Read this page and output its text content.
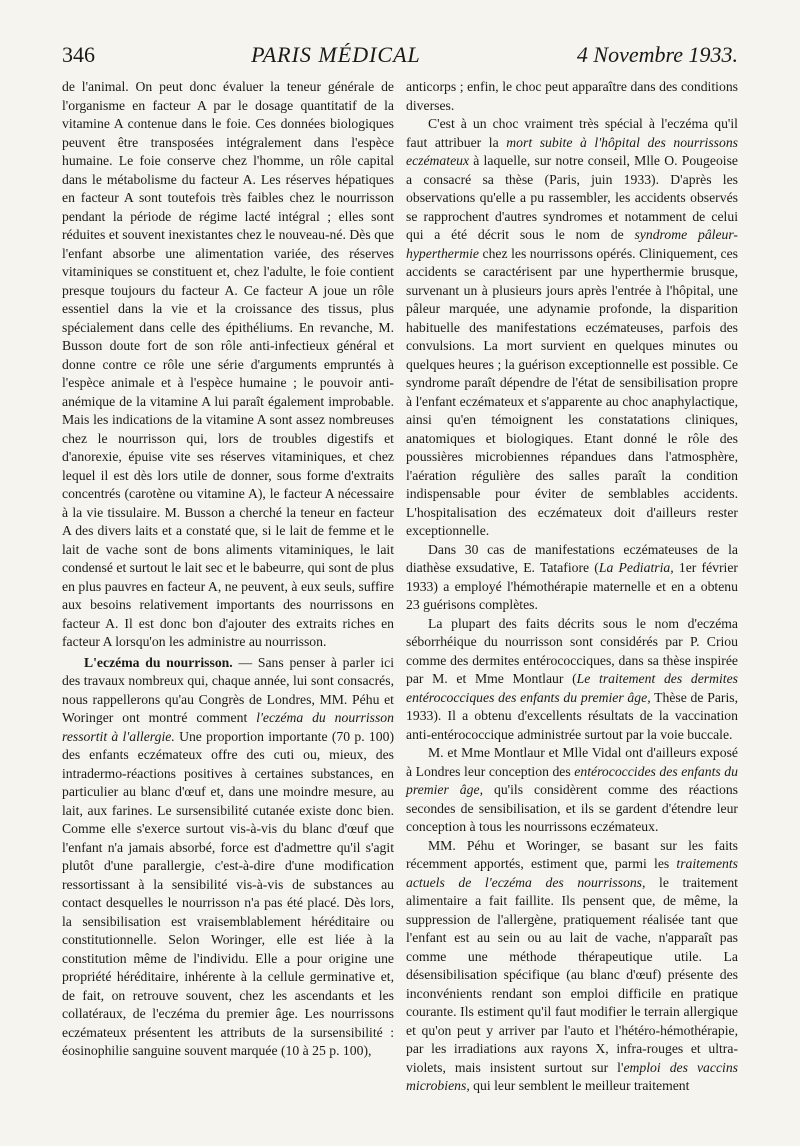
346	PARIS MÉDICAL	4 Novembre 1933.

de l'animal. On peut donc évaluer la teneur générale de l'organisme en facteur A par le dosage quantitatif de la vitamine A contenue dans le foie. Ces données biologiques peuvent être transposées intégralement dans l'espèce humaine. Le foie conserve chez l'homme, un rôle capital dans le métabolisme du facteur A. Les réserves hépatiques en facteur A sont toutefois très faibles chez le nourrisson pendant la période de régime lacté intégral ; elles sont réduites et souvent inexistantes chez le nouveau-né. Dès que l'enfant absorbe une alimentation variée, des réserves vitaminiques se constituent et, chez l'adulte, le foie contient presque toujours du facteur A. Ce facteur A joue un rôle essentiel dans la vie et la croissance des tissus, plus spécialement dans celle des épithéliums. En revanche, M. Busson doute fort de son rôle anti-infectieux général et donne contre ce rôle une série d'arguments empruntés à l'espèce animale et à l'espèce humaine ; le pouvoir anti-anémique de la vitamine A lui paraît également improbable. Mais les indications de la vitamine A sont assez nombreuses chez le nourrisson qui, lors de troubles digestifs et d'anorexie, épuise vite ses réserves vitaminiques, et chez lequel il est dès lors utile de donner, sous forme d'extraits concentrés (carotène ou vitamine A), le facteur A nécessaire à la vie tissulaire. M. Busson a cherché la teneur en facteur A des divers laits et a constaté que, si le lait de femme et le lait de vache sont de bons aliments vitaminiques, le lait condensé et surtout le lait sec et le babeurre, qui sont de plus en plus pauvres en facteur A, ne peuvent, à eux seuls, suffire aux besoins relativement importants des nourrissons en facteur A. Il est donc bon d'ajouter des extraits riches en facteur A lorsqu'on les administre au nourrisson.

L'eczéma du nourrisson. — Sans penser à parler ici des travaux nombreux qui, chaque année, lui sont consacrés, nous rappellerons qu'au Congrès de Londres, MM. Péhu et Woringer ont montré comment l'eczéma du nourrisson ressortit à l'allergie. Une proportion importante (70 p. 100) des enfants eczémateux offre des cuti ou, mieux, des intradermo-réactions positives à certaines substances, en particulier au blanc d'œuf et, dans une moindre mesure, au lait, aux farines. Le sursensibilité cutanée existe donc bien. Comme elle s'exerce surtout vis-à-vis du blanc d'œuf que l'enfant n'a jamais absorbé, force est d'admettre qu'il s'agit plutôt d'une parallergie, c'est-à-dire d'une modification ressortissant à la sensibilité vis-à-vis de substances au contact desquelles le nourrisson n'a pas été placé. Dès lors, la sensibilisation est vraisemblablement héréditaire ou constitutionnelle. Selon Woringer, elle est liée à la constitution même de l'individu. Elle a pour origine une propriété héréditaire, inhérente à la cellule germinative et, de fait, on retrouve souvent, chez les ascendants et les collatéraux, de l'eczéma du premier âge. Les nourrissons eczémateux présentent les attributs de la sursensibilité : éosinophilie sanguine souvent marquée (10 à 25 p. 100),

anticorps ; enfin, le choc peut apparaître dans des conditions diverses.

C'est à un choc vraiment très spécial à l'eczéma qu'il faut attribuer la mort subite à l'hôpital des nourrissons eczémateux à laquelle, sur notre conseil, Mlle O. Pougeoise a consacré sa thèse (Paris, juin 1933). D'après les observations qu'elle a pu rassembler, les accidents observés se rapprochent d'autres syndromes et notamment de celui qui a été décrit sous le nom de syndrome pâleur-hyperthermie chez les nourrissons opérés. Cliniquement, ces accidents se caractérisent par une hyperthermie brusque, survenant un à plusieurs jours après l'entrée à l'hôpital, une pâleur marquée, une adynamie profonde, la disparition habituelle des manifestations eczémateuses, parfois des convulsions. La mort survient en quelques minutes ou quelques heures ; la guérison exceptionnelle est possible. Ce syndrome paraît dépendre de l'état de sensibilisation propre à l'enfant eczémateux et s'apparente au choc anaphylactique, ainsi qu'en témoignent les constatations cliniques, anatomiques et biologiques. Etant donné le rôle des poussières microbiennes répandues dans l'atmosphère, l'aération régulière des salles paraît la condition indispensable pour éviter de semblables accidents. L'hospitalisation des eczémateux doit d'ailleurs rester exceptionnelle.

Dans 30 cas de manifestations eczémateuses de la diathèse exsudative, E. Tatafiore (La Pediatria, 1er février 1933) a employé l'hémothérapie maternelle et en a obtenu 23 guérisons complètes.

La plupart des faits décrits sous le nom d'eczéma séborrhéique du nourrisson sont considérés par P. Criou comme des dermites entérococciques, dans sa thèse inspirée par M. et Mme Montlaur (Le traitement des dermites entérococciques des enfants du premier âge, Thèse de Paris, 1933). Il a obtenu d'excellents résultats de la vaccination anti-entérococcique administrée surtout par la voie buccale.

M. et Mme Montlaur et Mlle Vidal ont d'ailleurs exposé à Londres leur conception des entérococcides des enfants du premier âge, qu'ils considèrent comme des réactions secondes de sensibilisation, et ils se gardent d'étendre leur conception à tous les nourrissons eczémateux.

MM. Péhu et Woringer, se basant sur les faits récemment apportés, estiment que, parmi les traitements actuels de l'eczéma des nourrissons, le traitement alimentaire a fait faillite. Ils pensent que, de même, la suppression de l'allergène, pratiquement réalisée tant que l'enfant est au sein ou au lait de vache, n'apparaît pas comme une méthode thérapeutique utile. La désensibilisation spécifique (au blanc d'œuf) présente des inconvénients rendant son emploi difficile en pratique courante. Ils estiment qu'il faut modifier le terrain allergique et qu'on peut y arriver par l'auto et l'hétéro-hémothérapie, par les irradiations aux rayons X, infra-rouges et ultra-violets, mais insistent surtout sur l'emploi des vaccins microbiens, qui leur semblent le meilleur traitement
